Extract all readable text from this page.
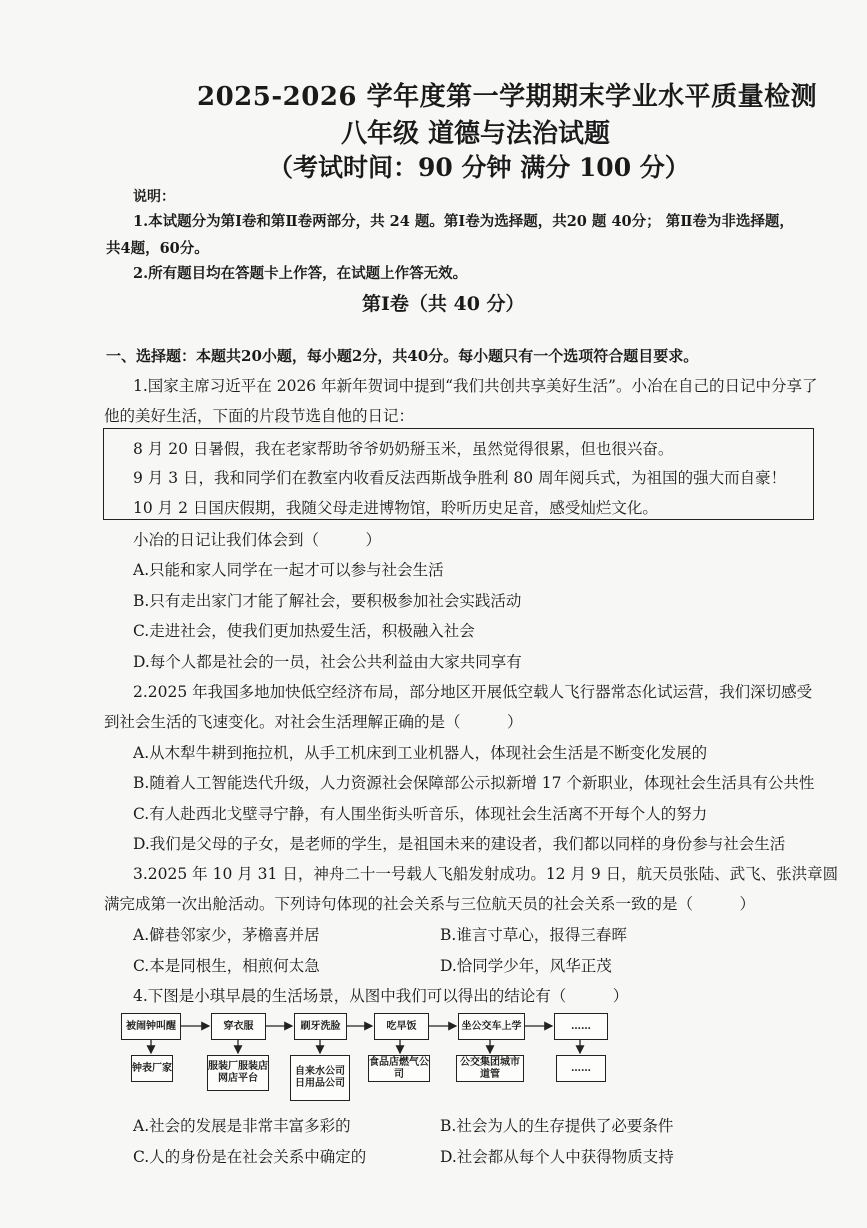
2025-2026 学年度第一学期期末学业水平质量检测
八年级 道德与法治试题
（考试时间：90 分钟 满分 100 分）
说明：
1.本试题分为第Ⅰ卷和第Ⅱ卷两部分，共 24 题。第Ⅰ卷为选择题，共20 题 40分； 第Ⅱ卷为非选择题，
共4题，60分。
2.所有题目均在答题卡上作答，在试题上作答无效。
第Ⅰ卷（共 40 分）
一、选择题：本题共20小题，每小题2分，共40分。每小题只有一个选项符合题目要求。
1.国家主席习近平在 2026 年新年贺词中提到“我们共创共享美好生活”。小冶在自己的日记中分享了
他的美好生活，下面的片段节选自他的日记：
8 月 20 日暑假，我在老家帮助爷爷奶奶掰玉米，虽然觉得很累，但也很兴奋。
9 月 3 日，我和同学们在教室内收看反法西斯战争胜利 80 周年阅兵式，为祖国的强大而自豪！
10 月 2 日国庆假期，我随父母走进博物馆，聆听历史足音，感受灿烂文化。
小冶的日记让我们体会到（　　　）
A.只能和家人同学在一起才可以参与社会生活
B.只有走出家门才能了解社会，要积极参加社会实践活动
C.走进社会，使我们更加热爱生活，积极融入社会
D.每个人都是社会的一员，社会公共利益由大家共同享有
2.2025 年我国多地加快低空经济布局，部分地区开展低空载人飞行器常态化试运营，我们深切感受
到社会生活的飞速变化。对社会生活理解正确的是（　　　）
A.从木犁牛耕到拖拉机，从手工机床到工业机器人，体现社会生活是不断变化发展的
B.随着人工智能迭代升级，人力资源社会保障部公示拟新增 17 个新职业，体现社会生活具有公共性
C.有人赴西北戈壁寻宁静，有人围坐街头听音乐，体现社会生活离不开每个人的努力
D.我们是父母的子女，是老师的学生，是祖国未来的建设者，我们都以同样的身份参与社会生活
3.2025 年 10 月 31 日，神舟二十一号载人飞船发射成功。12 月 9 日，航天员张陆、武飞、张洪章圆
满完成第一次出舱活动。下列诗句体现的社会关系与三位航天员的社会关系一致的是（　　　）
A.僻巷邻家少，茅檐喜并居	B.谁言寸草心，报得三春晖
C.本是同根生，相煎何太急	D.恰同学少年，风华正茂
4.下图是小琪早晨的生活场景，从图中我们可以得出的结论有（　　　）
被闹钟叫醒	穿衣服	刷牙洗脸	吃早饭	坐公交车上学	……
钟表厂家	服装厂服装店网店平台
自来水公司日用品公司
食品店燃气公司
公交集团城市道管
……
A.社会的发展是非常丰富多彩的	B.社会为人的生存提供了必要条件
C.人的身份是在社会关系中确定的	D.社会都从每个人中获得物质支持
